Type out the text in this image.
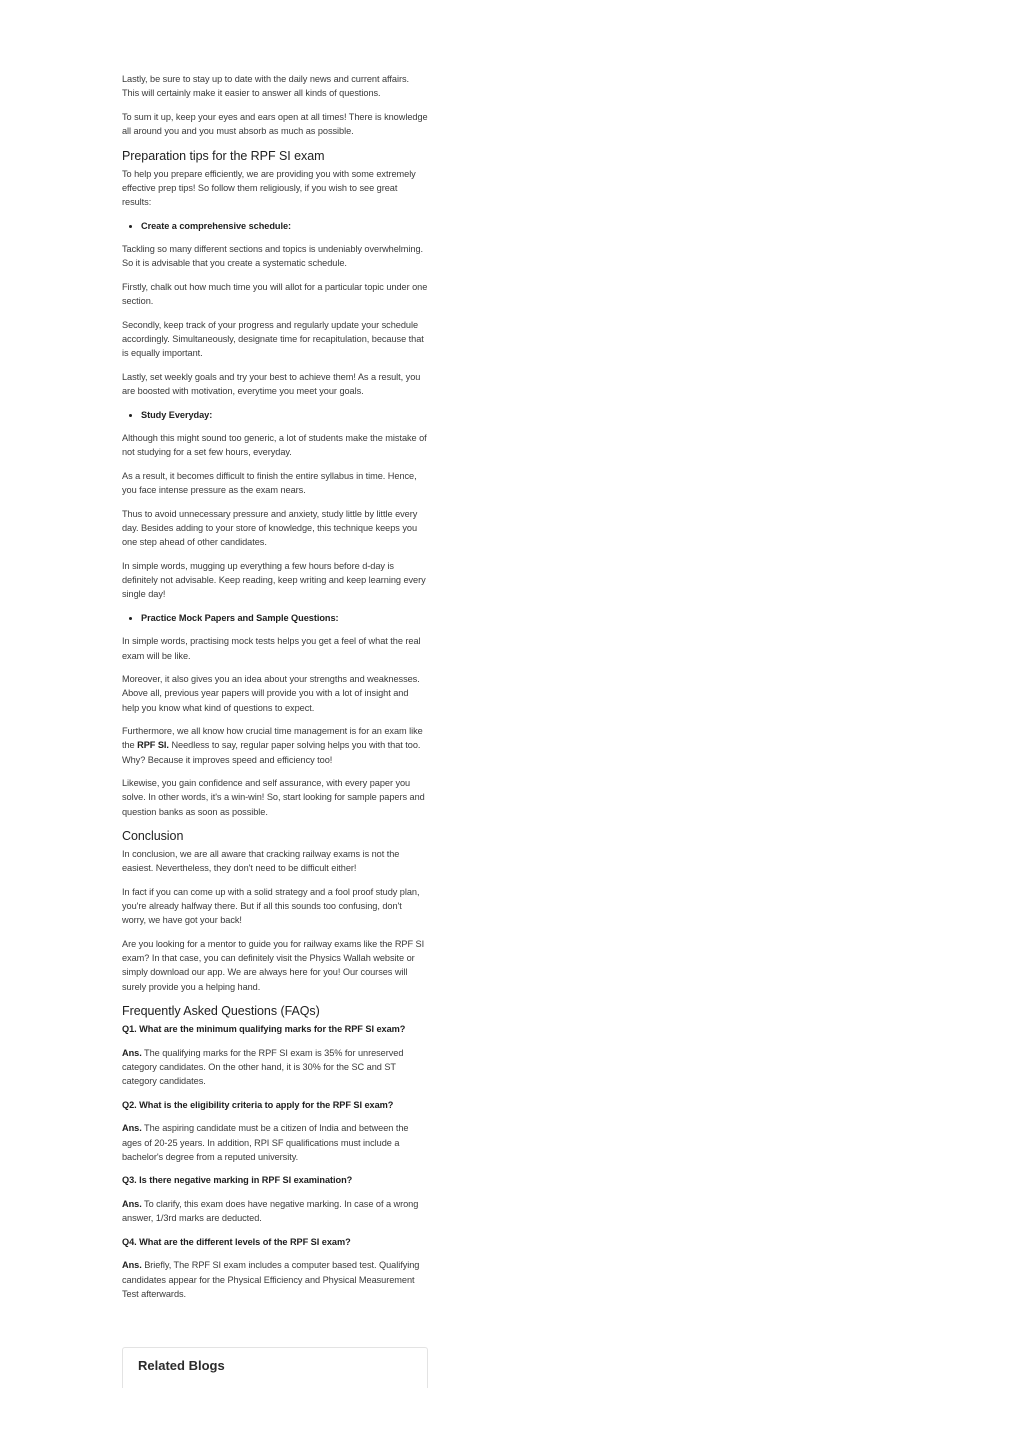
Lastly, be sure to stay up to date with the daily news and current affairs. This will certainly make it easier to answer all kinds of questions.

To sum it up, keep your eyes and ears open at all times! There is knowledge all around you and you must absorb as much as possible.

Preparation tips for the RPF SI exam

To help you prepare efficiently, we are providing you with some extremely effective prep tips! So follow them religiously, if you wish to see great results:

• Create a comprehensive schedule:

Tackling so many different sections and topics is undeniably overwhelming. So it is advisable that you create a systematic schedule.

Firstly, chalk out how much time you will allot for a particular topic under one section.

Secondly, keep track of your progress and regularly update your schedule accordingly. Simultaneously, designate time for recapitulation, because that is equally important.

Lastly, set weekly goals and try your best to achieve them! As a result, you are boosted with motivation, everytime you meet your goals.

• Study Everyday:

Although this might sound too generic, a lot of students make the mistake of not studying for a set few hours, everyday.

As a result, it becomes difficult to finish the entire syllabus in time. Hence, you face intense pressure as the exam nears.

Thus to avoid unnecessary pressure and anxiety, study little by little every day. Besides adding to your store of knowledge, this technique keeps you one step ahead of other candidates.

In simple words, mugging up everything a few hours before d-day is definitely not advisable. Keep reading, keep writing and keep learning every single day!

• Practice Mock Papers and Sample Questions:

In simple words, practising mock tests helps you get a feel of what the real exam will be like.

Moreover, it also gives you an idea about your strengths and weaknesses. Above all, previous year papers will provide you with a lot of insight and help you know what kind of questions to expect.

Furthermore, we all know how crucial time management is for an exam like the RPF SI. Needless to say, regular paper solving helps you with that too. Why? Because it improves speed and efficiency too!

Likewise, you gain confidence and self assurance, with every paper you solve. In other words, it's a win-win! So, start looking for sample papers and question banks as soon as possible.

Conclusion

In conclusion, we are all aware that cracking railway exams is not the easiest. Nevertheless, they don't need to be difficult either!

In fact if you can come up with a solid strategy and a fool proof study plan, you're already halfway there. But if all this sounds too confusing, don't worry, we have got your back!

Are you looking for a mentor to guide you for railway exams like the RPF SI exam? In that case, you can definitely visit the Physics Wallah website or simply download our app. We are always here for you! Our courses will surely provide you a helping hand.

Frequently Asked Questions (FAQs)

Q1. What are the minimum qualifying marks for the RPF SI exam?

Ans. The qualifying marks for the RPF SI exam is 35% for unreserved category candidates. On the other hand, it is 30% for the SC and ST category candidates.

Q2. What is the eligibility criteria to apply for the RPF SI exam?

Ans. The aspiring candidate must be a citizen of India and between the ages of 20-25 years. In addition, RPI SF qualifications must include a bachelor's degree from a reputed university.

Q3. Is there negative marking in RPF SI examination?

Ans. To clarify, this exam does have negative marking. In case of a wrong answer, 1/3rd marks are deducted.

Q4. What are the different levels of the RPF SI exam?

Ans. Briefly, The RPF SI exam includes a computer based test. Qualifying candidates appear for the Physical Efficiency and Physical Measurement Test afterwards.

Related Blogs
